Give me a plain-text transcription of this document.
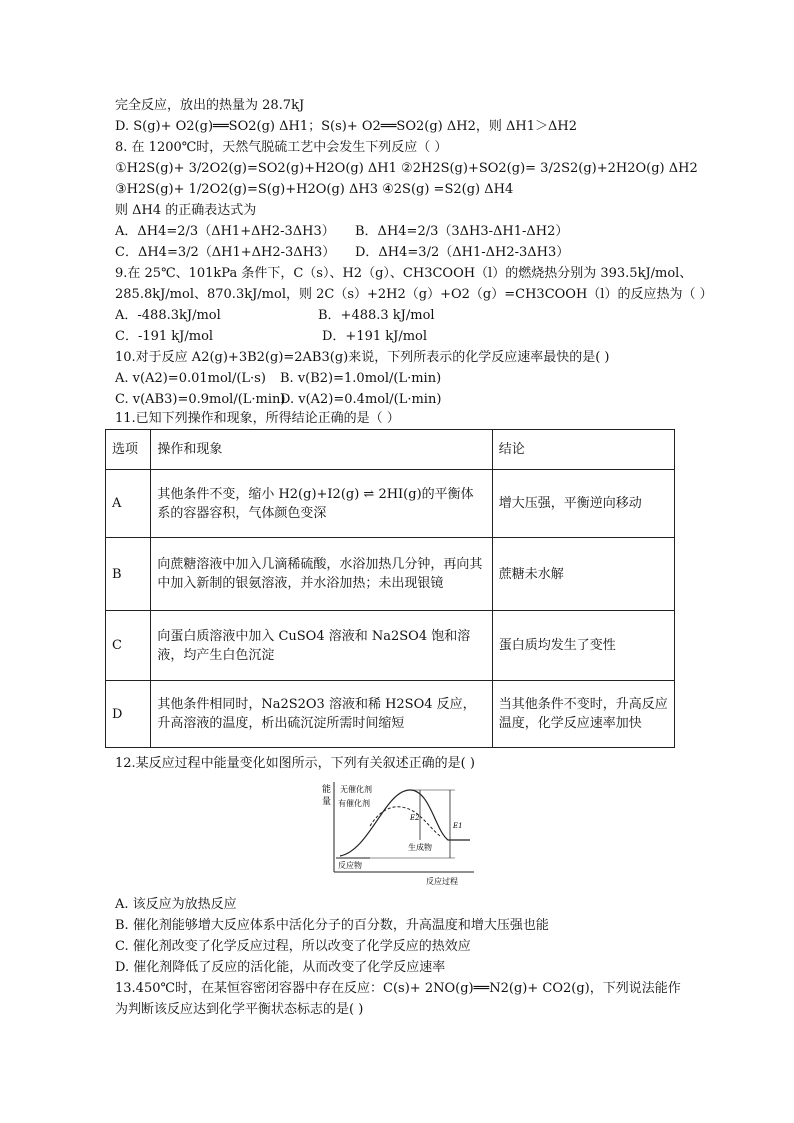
完全反应，放出的热量为 28.7kJ
D. S(g)+ O2(g)══SO2(g) ΔH1；S(s)+ O2══SO2(g) ΔH2，则 ΔH1＞ΔH2
8. 在 1200℃时，天然气脱硫工艺中会发生下列反应（ ）
①H2S(g)+ 3/2O2(g)=SO2(g)+H2O(g) ΔH1 ②2H2S(g)+SO2(g)= 3/2S2(g)+2H2O(g) ΔH2
③H2S(g)+ 1/2O2(g)=S(g)+H2O(g) ΔH3 ④2S(g) =S2(g) ΔH4
则 ΔH4 的正确表达式为
A．ΔH4=2/3（ΔH1+ΔH2-3ΔH3） B．ΔH4=2/3（3ΔH3-ΔH1-ΔH2）
C．ΔH4=3/2（ΔH1+ΔH2-3ΔH3） D．ΔH4=3/2（ΔH1-ΔH2-3ΔH3）
9.在 25℃、101kPa 条件下，C（s）、H2（g）、CH3COOH（l）的燃烧热分别为 393.5kJ/mol、
285.8kJ/mol、870.3kJ/mol，则 2C（s）+2H2（g）+O2（g）=CH3COOH（l）的反应热为（ ）
A．-488.3kJ/mol	B．+488.3 kJ/mol
C．-191 kJ/mol	D．+191 kJ/mol
10.对于反应 A2(g)+3B2(g)=2AB3(g)来说，下列所表示的化学反应速率最快的是( )
A. v(A2)=0.01mol/(L·s) B. v(B2)=1.0mol/(L·min)
C. v(AB3)=0.9mol/(L·min)
D. v(A2)=0.4mol/(L·min)
11.已知下列操作和现象，所得结论正确的是（ ）
选项	操作和现象	结论
A	其他条件不变，缩小 H2(g)+I2(g) ⇌ 2HI(g)的平衡体系的容器容积，气体颜色变深	增大压强，平衡逆向移动
B	向蔗糖溶液中加入几滴稀硫酸，水浴加热几分钟，再向其中加入新制的银氨溶液，并水浴加热；未出现银镜	蔗糖未水解
C	向蛋白质溶液中加入 CuSO4 溶液和 Na2SO4 饱和溶液，均产生白色沉淀	蛋白质均发生了变性
D	其他条件相同时，Na2S2O3 溶液和稀 H2SO4 反应，升高溶液的温度，析出硫沉淀所需时间缩短	当其他条件不变时，升高反应温度，化学反应速率加快
12.某反应过程中能量变化如图所示，下列有关叙述正确的是( )
能量
无催化剂
有催化剂
E2
E1
生成物
反应物
反应过程
A. 该反应为放热反应
B. 催化剂能够增大反应体系中活化分子的百分数，升高温度和增大压强也能
C. 催化剂改变了化学反应过程，所以改变了化学反应的热效应
D. 催化剂降低了反应的活化能，从而改变了化学反应速率
13.450℃时，在某恒容密闭容器中存在反应：C(s)+ 2NO(g)══N2(g)+ CO2(g)，下列说法能作
为判断该反应达到化学平衡状态标志的是( )
